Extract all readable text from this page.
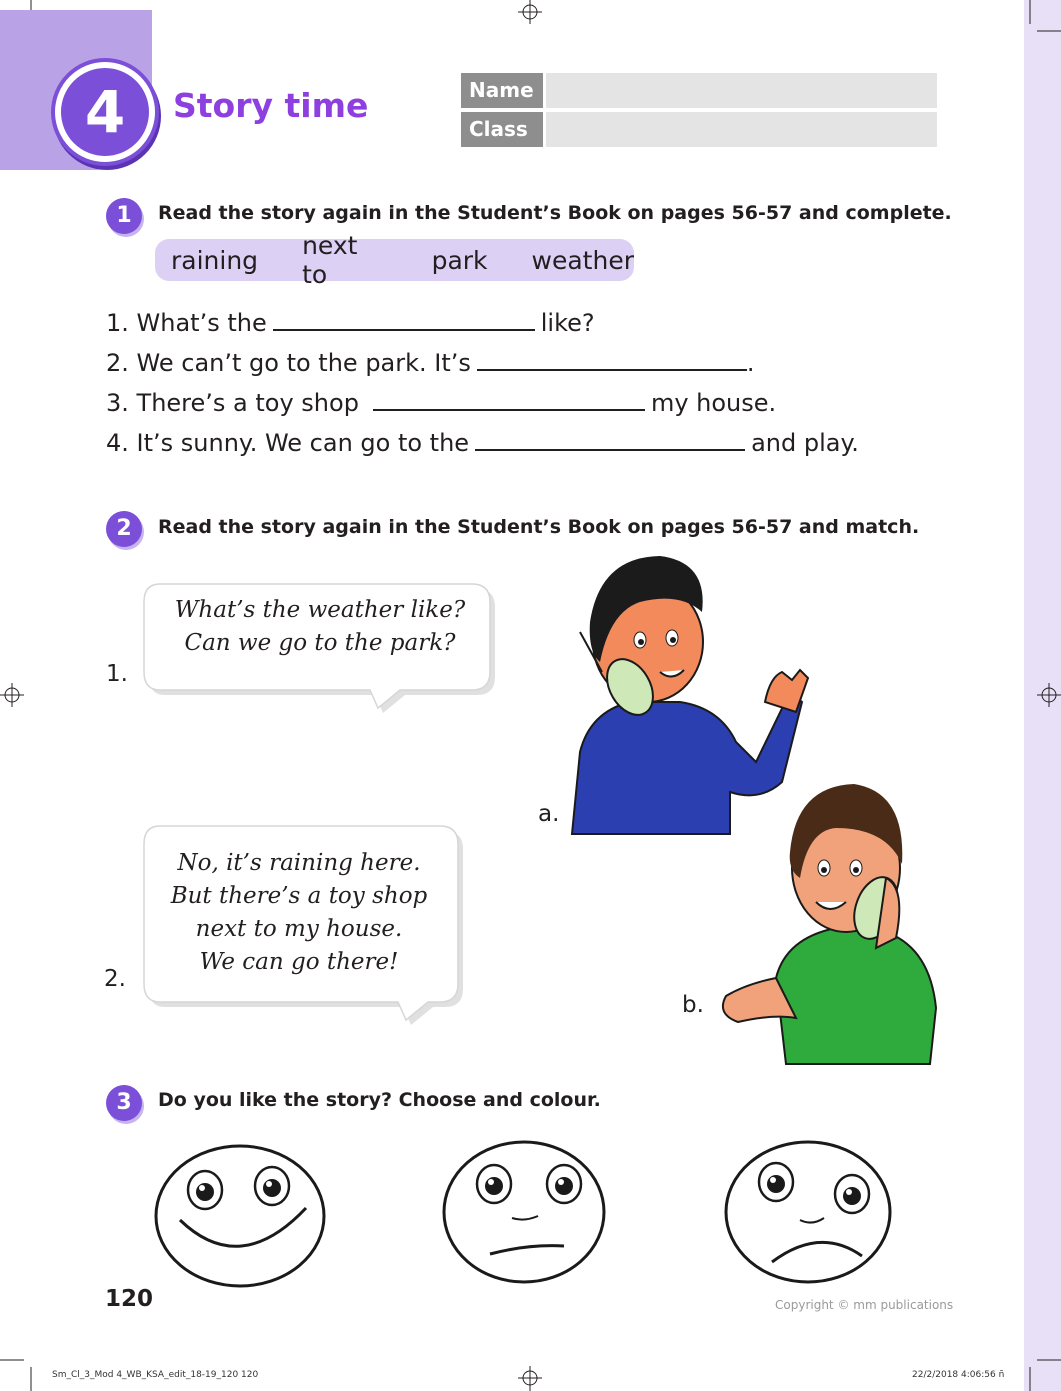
4	Story time	Name
Class
1	Read the story again in the Student’s Book on pages 56-57 and complete.
raining next to	park weather
1. What’s the	like?
2. We can’t go to the park. It’s	.
3. There’s a toy shop	my house.
4. It’s sunny. We can go to the	and play.
2	Read the story again in the Student’s Book on pages 56-57 and match.
What’s the weather like?
Can we go to the park?
1.
No, it’s raining here.
But there’s a toy shop
next to my house.
We can go there!
2.
a.
b.
3	Do you like the story? Choose and colour.
120	Copyright © mm publications
Sm_Cl_3_Mod 4_WB_KSA_edit_18-19_120 120	22/2/2018 4:06:56 ñ
